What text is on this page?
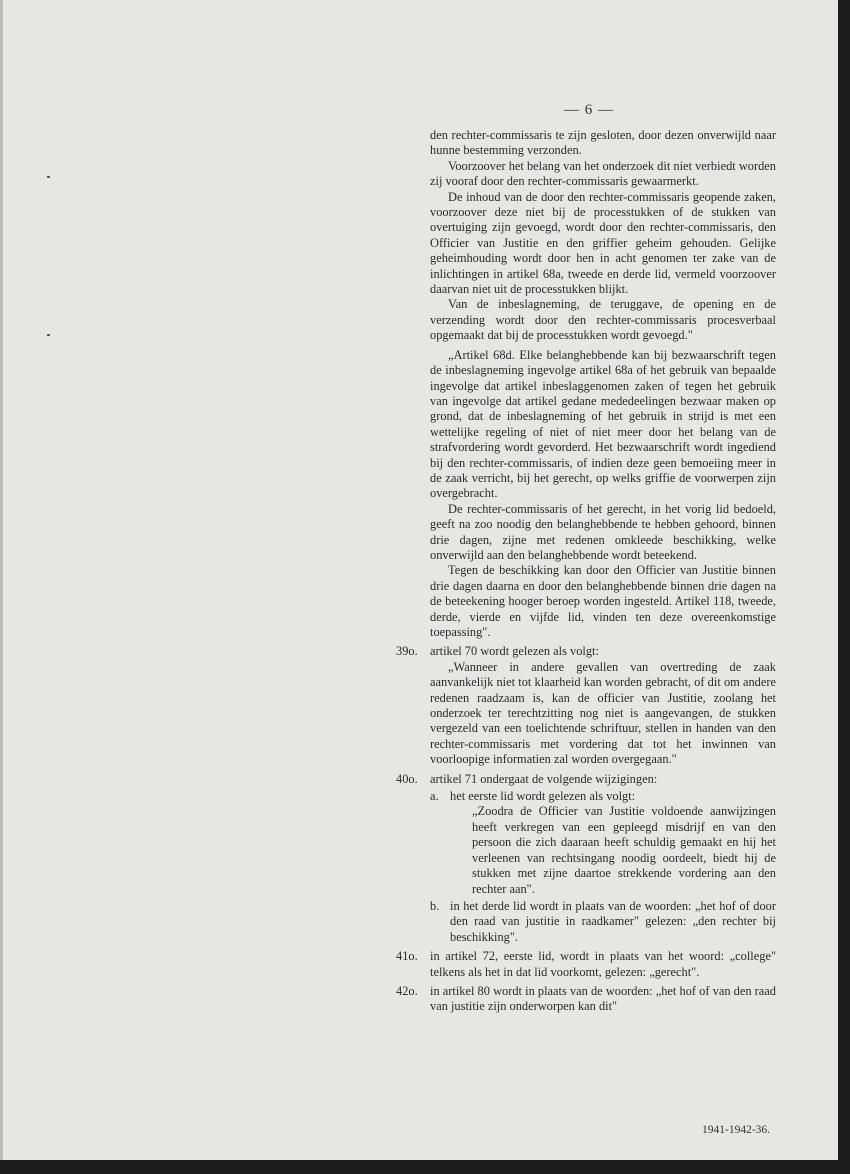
— 6 —

den rechter-commissaris te zijn gesloten, door dezen onverwijld naar hunne bestemming verzonden.

Voorzoover het belang van het onderzoek dit niet verbiedt worden zij vooraf door den rechter-commissaris gewaarmerkt.

De inhoud van de door den rechter-commissaris geopende zaken, voorzoover deze niet bij de processtukken of de stukken van overtuiging zijn gevoegd, wordt door den rechter-commissaris, den Officier van Justitie en den griffier geheim gehouden. Gelijke geheimhouding wordt door hen in acht genomen ter zake van de inlichtingen in artikel 68a, tweede en derde lid, vermeld voorzoover daarvan niet uit de processtukken blijkt.

Van de inbeslagneming, de teruggave, de opening en de verzending wordt door den rechter-commissaris procesverbaal opgemaakt dat bij de processtukken wordt gevoegd."

„Artikel 68d. Elke belanghebbende kan bij bezwaarschrift tegen de inbeslagneming ingevolge artikel 68a of het gebruik van bepaalde ingevolge dat artikel inbeslaggenomen zaken of tegen het gebruik van ingevolge dat artikel gedane mededeelingen bezwaar maken op grond, dat de inbeslagneming of het gebruik in strijd is met een wettelijke regeling of niet of niet meer door het belang van de strafvordering wordt gevorderd. Het bezwaarschrift wordt ingediend bij den rechter-commissaris, of indien deze geen bemoeiing meer in de zaak verricht, bij het gerecht, op welks griffie de voorwerpen zijn overgebracht.

De rechter-commissaris of het gerecht, in het vorig lid bedoeld, geeft na zoo noodig den belanghebbende te hebben gehoord, binnen drie dagen, zijne met redenen omkleede beschikking, welke onverwijld aan den belanghebbende wordt beteekend.

Tegen de beschikking kan door den Officier van Justitie binnen drie dagen daarna en door den belanghebbende binnen drie dagen na de beteekening hooger beroep worden ingesteld. Artikel 118, tweede, derde, vierde en vijfde lid, vinden ten deze overeenkomstige toepassing".

39o. artikel 70 wordt gelezen als volgt:

„Wanneer in andere gevallen van overtreding de zaak aanvankelijk niet tot klaarheid kan worden gebracht, of dit om andere redenen raadzaam is, kan de officier van Justitie, zoolang het onderzoek ter terechtzitting nog niet is aangevangen, de stukken vergezeld van een toelichtende schriftuur, stellen in handen van den rechter-commissaris met vordering dat tot het inwinnen van voorloopige informatien zal worden overgegaan."

40o. artikel 71 ondergaat de volgende wijzigingen:

a. het eerste lid wordt gelezen als volgt:

„Zoodra de Officier van Justitie voldoende aanwijzingen heeft verkregen van een gepleegd misdrijf en van den persoon die zich daaraan heeft schuldig gemaakt en hij het verleenen van rechtsingang noodig oordeelt, biedt hij de stukken met zijne daartoe strekkende vordering aan den rechter aan".

b. in het derde lid wordt in plaats van de woorden: „het hof of door den raad van justitie in raadkamer" gelezen: „den rechter bij beschikking".

41o. in artikel 72, eerste lid, wordt in plaats van het woord: „college" telkens als het in dat lid voorkomt, gelezen: „gerecht".

42o. in artikel 80 wordt in plaats van de woorden: „het hof of van den raad van justitie zijn onderworpen kan dit"

1941-1942-36.
